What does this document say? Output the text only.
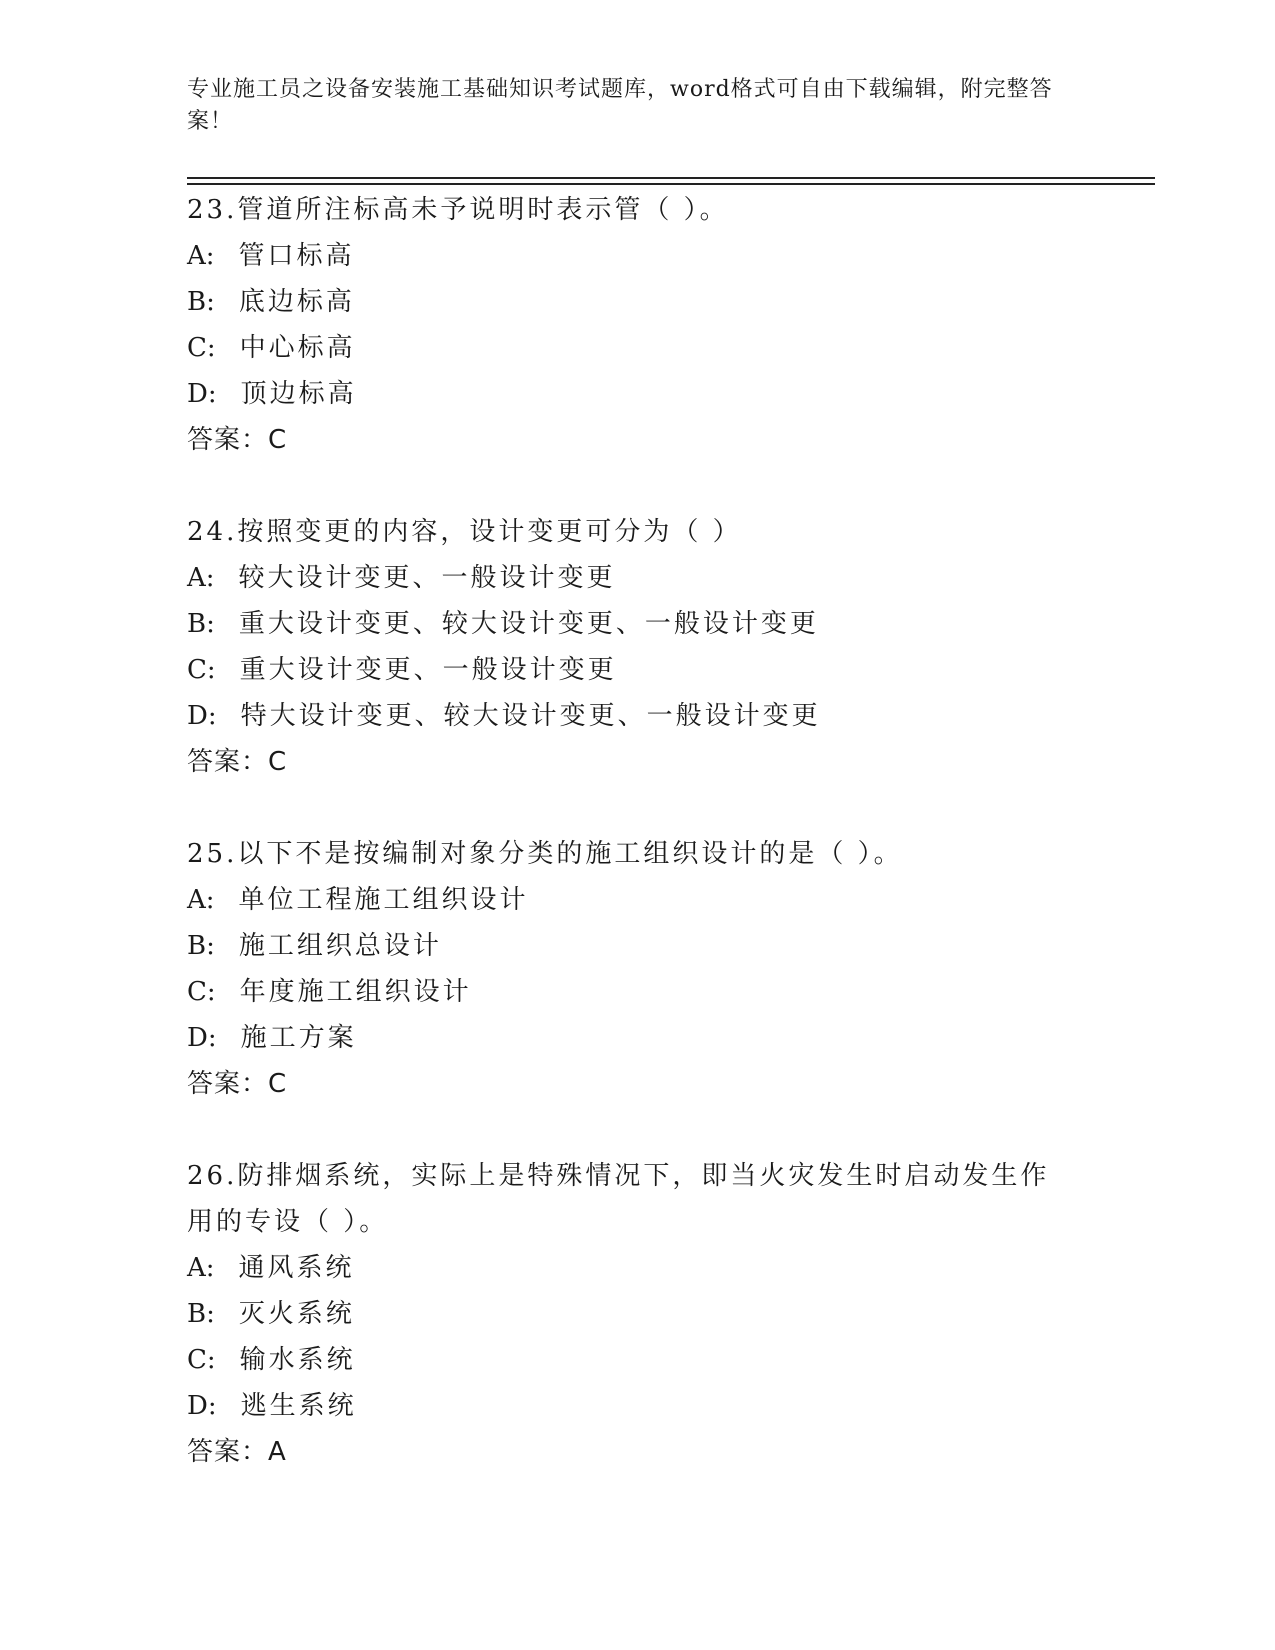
专业施工员之设备安装施工基础知识考试题库，word格式可自由下载编辑，附完整答案！
23.管道所注标高未予说明时表示管（ ）。
A: 管口标高
B: 底边标高
C: 中心标高
D: 顶边标高
答案：C
24.按照变更的内容，设计变更可分为（ ）
A: 较大设计变更、一般设计变更
B: 重大设计变更、较大设计变更、一般设计变更
C: 重大设计变更、一般设计变更
D: 特大设计变更、较大设计变更、一般设计变更
答案：C
25.以下不是按编制对象分类的施工组织设计的是（ ）。
A: 单位工程施工组织设计
B: 施工组织总设计
C: 年度施工组织设计
D: 施工方案
答案：C
26.防排烟系统，实际上是特殊情况下，即当火灾发生时启动发生作用的专设（ ）。
A: 通风系统
B: 灭火系统
C: 输水系统
D: 逃生系统
答案：A
